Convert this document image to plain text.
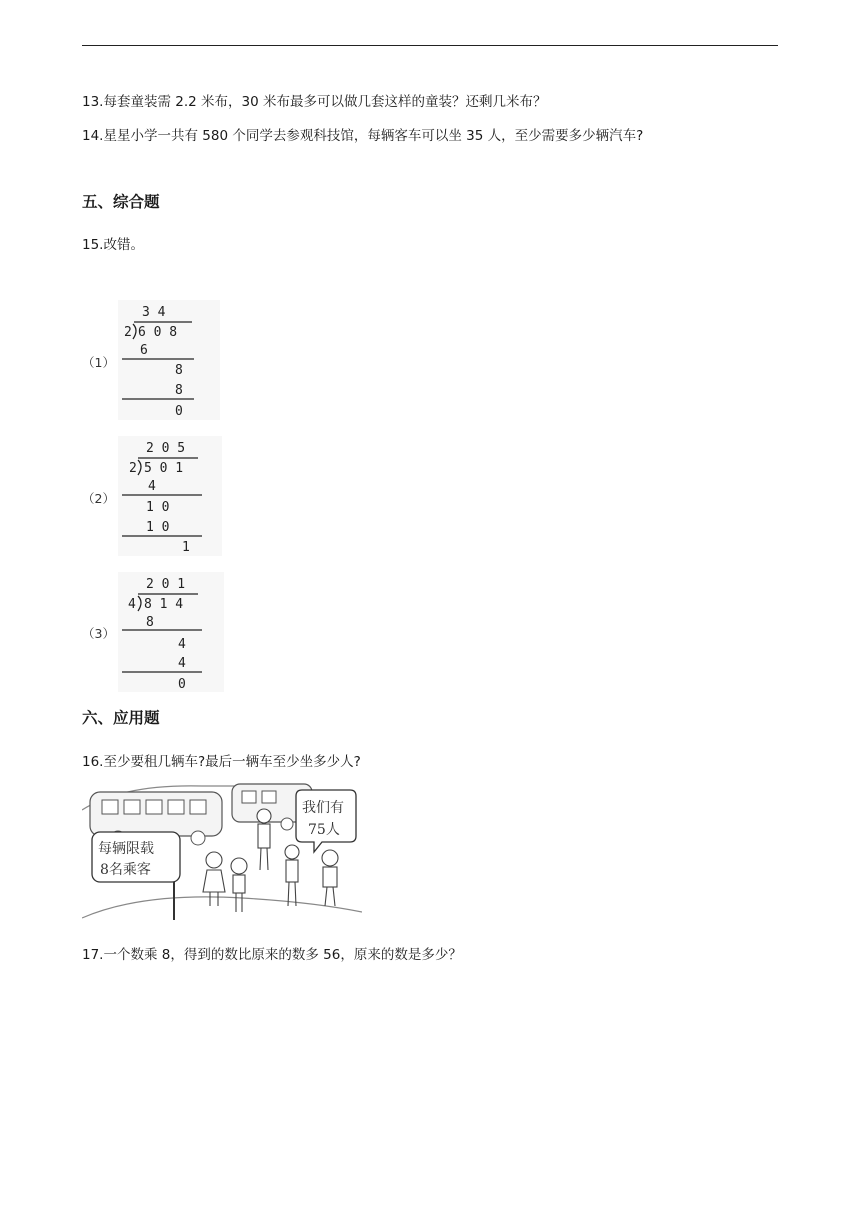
13.每套童装需 2.2 米布，30 米布最多可以做几套这样的童装？还剩几米布？
14.星星小学一共有 580 个同学去参观科技馆，每辆客车可以坐 35 人，至少需要多少辆汽车?
五、综合题
15.改错。
（1）
3 4
2 6 0 8
6
8
8
0
（2）
2 0 5
2 5 0 1
4
1 0
1 0
1
（3）
2 0 1
4 8 1 4
8
4
4
0
六、应用题
16.至少要租几辆车?最后一辆车至少坐多少人?
每辆限载
8名乘客
我们有
75人
17.一个数乘 8，得到的数比原来的数多 56，原来的数是多少？
